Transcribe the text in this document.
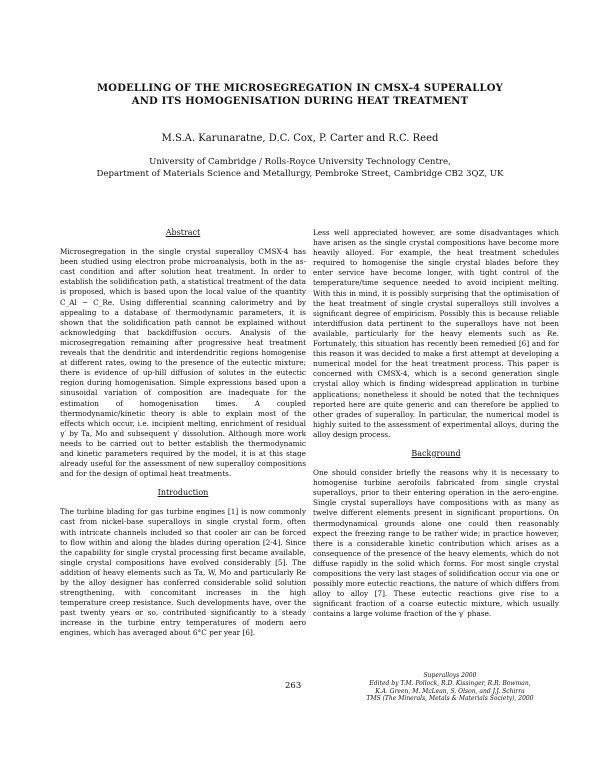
MODELLING OF THE MICROSEGREGATION IN CMSX-4 SUPERALLOY
AND ITS HOMOGENISATION DURING HEAT TREATMENT
M.S.A. Karunaratne, D.C. Cox, P. Carter and R.C. Reed
University of Cambridge / Rolls-Royce University Technology Centre,
Department of Materials Science and Metallurgy, Pembroke Street, Cambridge CB2 3QZ, UK
Abstract

Microsegregation in the single crystal superalloy CMSX-4 has been studied using electron probe microanalysis, both in the as-cast condition and after solution heat treatment. In order to establish the solidification path, a statistical treatment of the data is proposed, which is based upon the local value of the quantity C_Al − C_Re. Using differential scanning calorimetry and by appealing to a database of thermodynamic parameters, it is shown that the solidification path cannot be explained without acknowledging that backdiffusion occurs. Analysis of the microsegregation remaining after progressive heat treatment reveals that the dendritic and interdendritic regions homogenise at different rates, owing to the presence of the eutectic mixture; there is evidence of up-hill diffusion of solutes in the eutectic region during homogenisation. Simple expressions based upon a sinusoidal variation of composition are inadequate for the estimation of homogenisation times. A coupled thermodynamic/kinetic theory is able to explain most of the effects which occur, i.e. incipient melting, enrichment of residual γ′ by Ta, Mo and subsequent γ′ dissolution. Although more work needs to be carried out to better establish the thermodynamic and kinetic parameters required by the model, it is at this stage already useful for the assessment of new superalloy compositions and for the design of optimal heat treatments.

Introduction

The turbine blading for gas turbine engines [1] is now commonly cast from nickel-base superalloys in single crystal form, often with intricate channels included so that cooler air can be forced to flow within and along the blades during operation [2-4]. Since the capability for single crystal processing first became available, single crystal compositions have evolved considerably [5]. The addition of heavy elements such as Ta, W, Mo and particularly Re by the alloy designer has conferred considerable solid solution strengthening, with concomitant increases in the high temperature creep resistance. Such developments have, over the past twenty years or so, contributed significantly to a steady increase in the turbine entry temperatures of modern aero engines, which has averaged about 6°C per year [6].

Less well appreciated however, are some disadvantages which have arisen as the single crystal compositions have become more heavily alloyed. For example, the heat treatment schedules required to homogenise the single crystal blades before they enter service have become longer, with tight control of the temperature/time sequence needed to avoid incipient melting. With this in mind, it is possibly surprising that the optimisation of the heat treatment of single crystal superalloys still involves a significant degree of empiricism. Possibly this is because reliable interdiffusion data pertinent to the superalloys have not been available, particularly for the heavy elements such as Re. Fortunately, this situation has recently been remedied [6] and for this reason it was decided to make a first attempt at developing a numerical model for the heat treatment process. This paper is concerned with CMSX-4, which is a second generation single crystal alloy which is finding widespread application in turbine applications; nonetheless it should be noted that the techniques reported here are quite generic and can therefore be applied to other grades of superalloy. In particular, the numerical model is highly suited to the assessment of experimental alloys, during the alloy design process.

Background

One should consider briefly the reasons why it is necessary to homogenise turbine aerofoils fabricated from single crystal superalloys, prior to their entering operation in the aero-engine. Single crystal superalloys have compositions with as many as twelve different elements present in significant proportions. On thermodynamical grounds alone one could then reasonably expect the freezing range to be rather wide; in practice however, there is a considerable kinetic contribution which arises as a consequence of the presence of the heavy elements, which do not diffuse rapidly in the solid which forms. For most single crystal compositions the very last stages of solidification occur via one or possibly more eutectic reactions, the nature of which differs from alloy to alloy [7]. These eutectic reactions give rise to a significant fraction of a coarse eutectic mixture, which usually contains a large volume fraction of the γ′ phase.

263
Superalloys 2000
Edited by T.M. Pollock, R.D. Kissinger, R.R. Bowman,
K.A. Green, M. McLean, S. Olson, and J.J. Schirra
TMS (The Minerals, Metals & Materials Society), 2000
